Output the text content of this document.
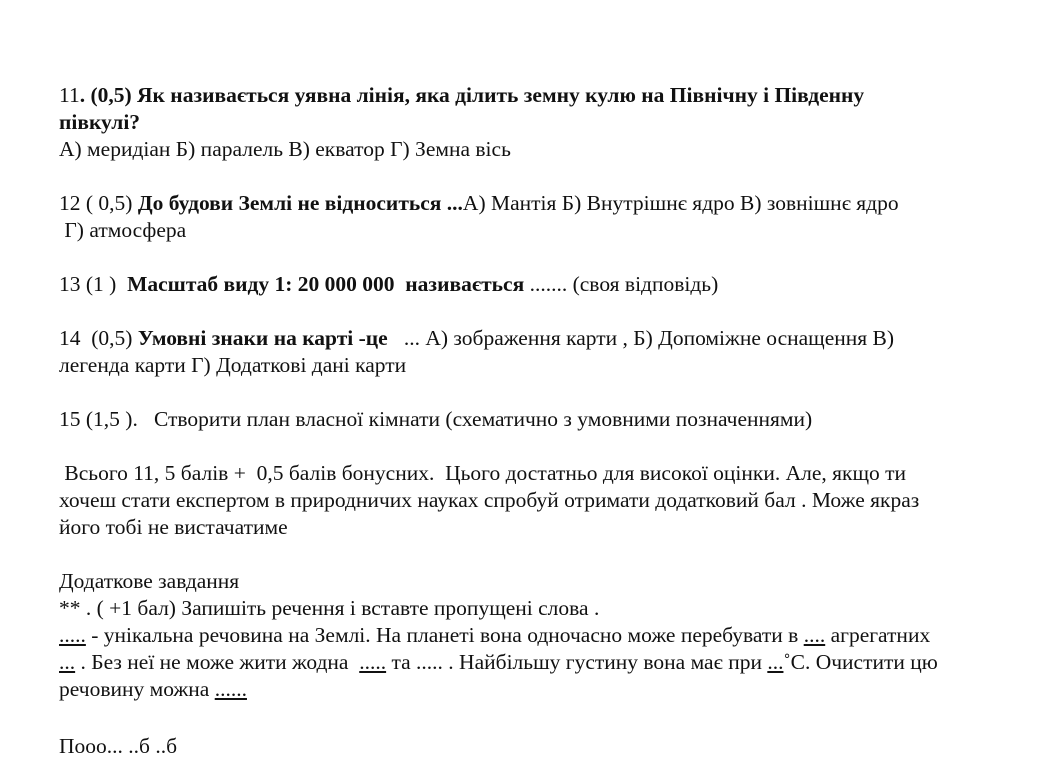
11. (0,5) Як називається уявна лінія, яка ділить земну кулю на Північну і Південну
півкулі?
А) меридіан Б) паралель В) екватор Г) Земна вісь
12 ( 0,5) До будови Землі не відноситься ...А) Мантія Б) Внутрішнє ядро В) зовнішнє ядро
Г) атмосфера
13 (1 )  Масштаб виду 1: 20 000 000  називається ....... (своя відповідь)
14  (0,5) Умовні знаки на карті -це   ... А) зображення карти , Б) Допоміжне оснащення В)
легенда карти Г) Додаткові дані карти
15 (1,5 ).   Створити план власної кімнати (схематично з умовними позначеннями)
Всього 11, 5 балів +  0,5 балів бонусних.  Цього достатньо для високої оцінки. Але, якщо ти
хочеш стати експертом в природничих науках спробуй отримати додатковий бал . Може якраз
його тобі не вистачатиме
Додаткове завдання
** . ( +1 бал) Запишіть речення і вставте пропущені слова .
..... - унікальна речовина на Землі. На планеті вона одночасно може перебувати в .... агрегатних
... . Без неї не може жити жодна  ..... та ..... . Найбільшу густину вона має при ...˚С. Очистити цю
речовину можна ......
Пооо... ..б ..б
